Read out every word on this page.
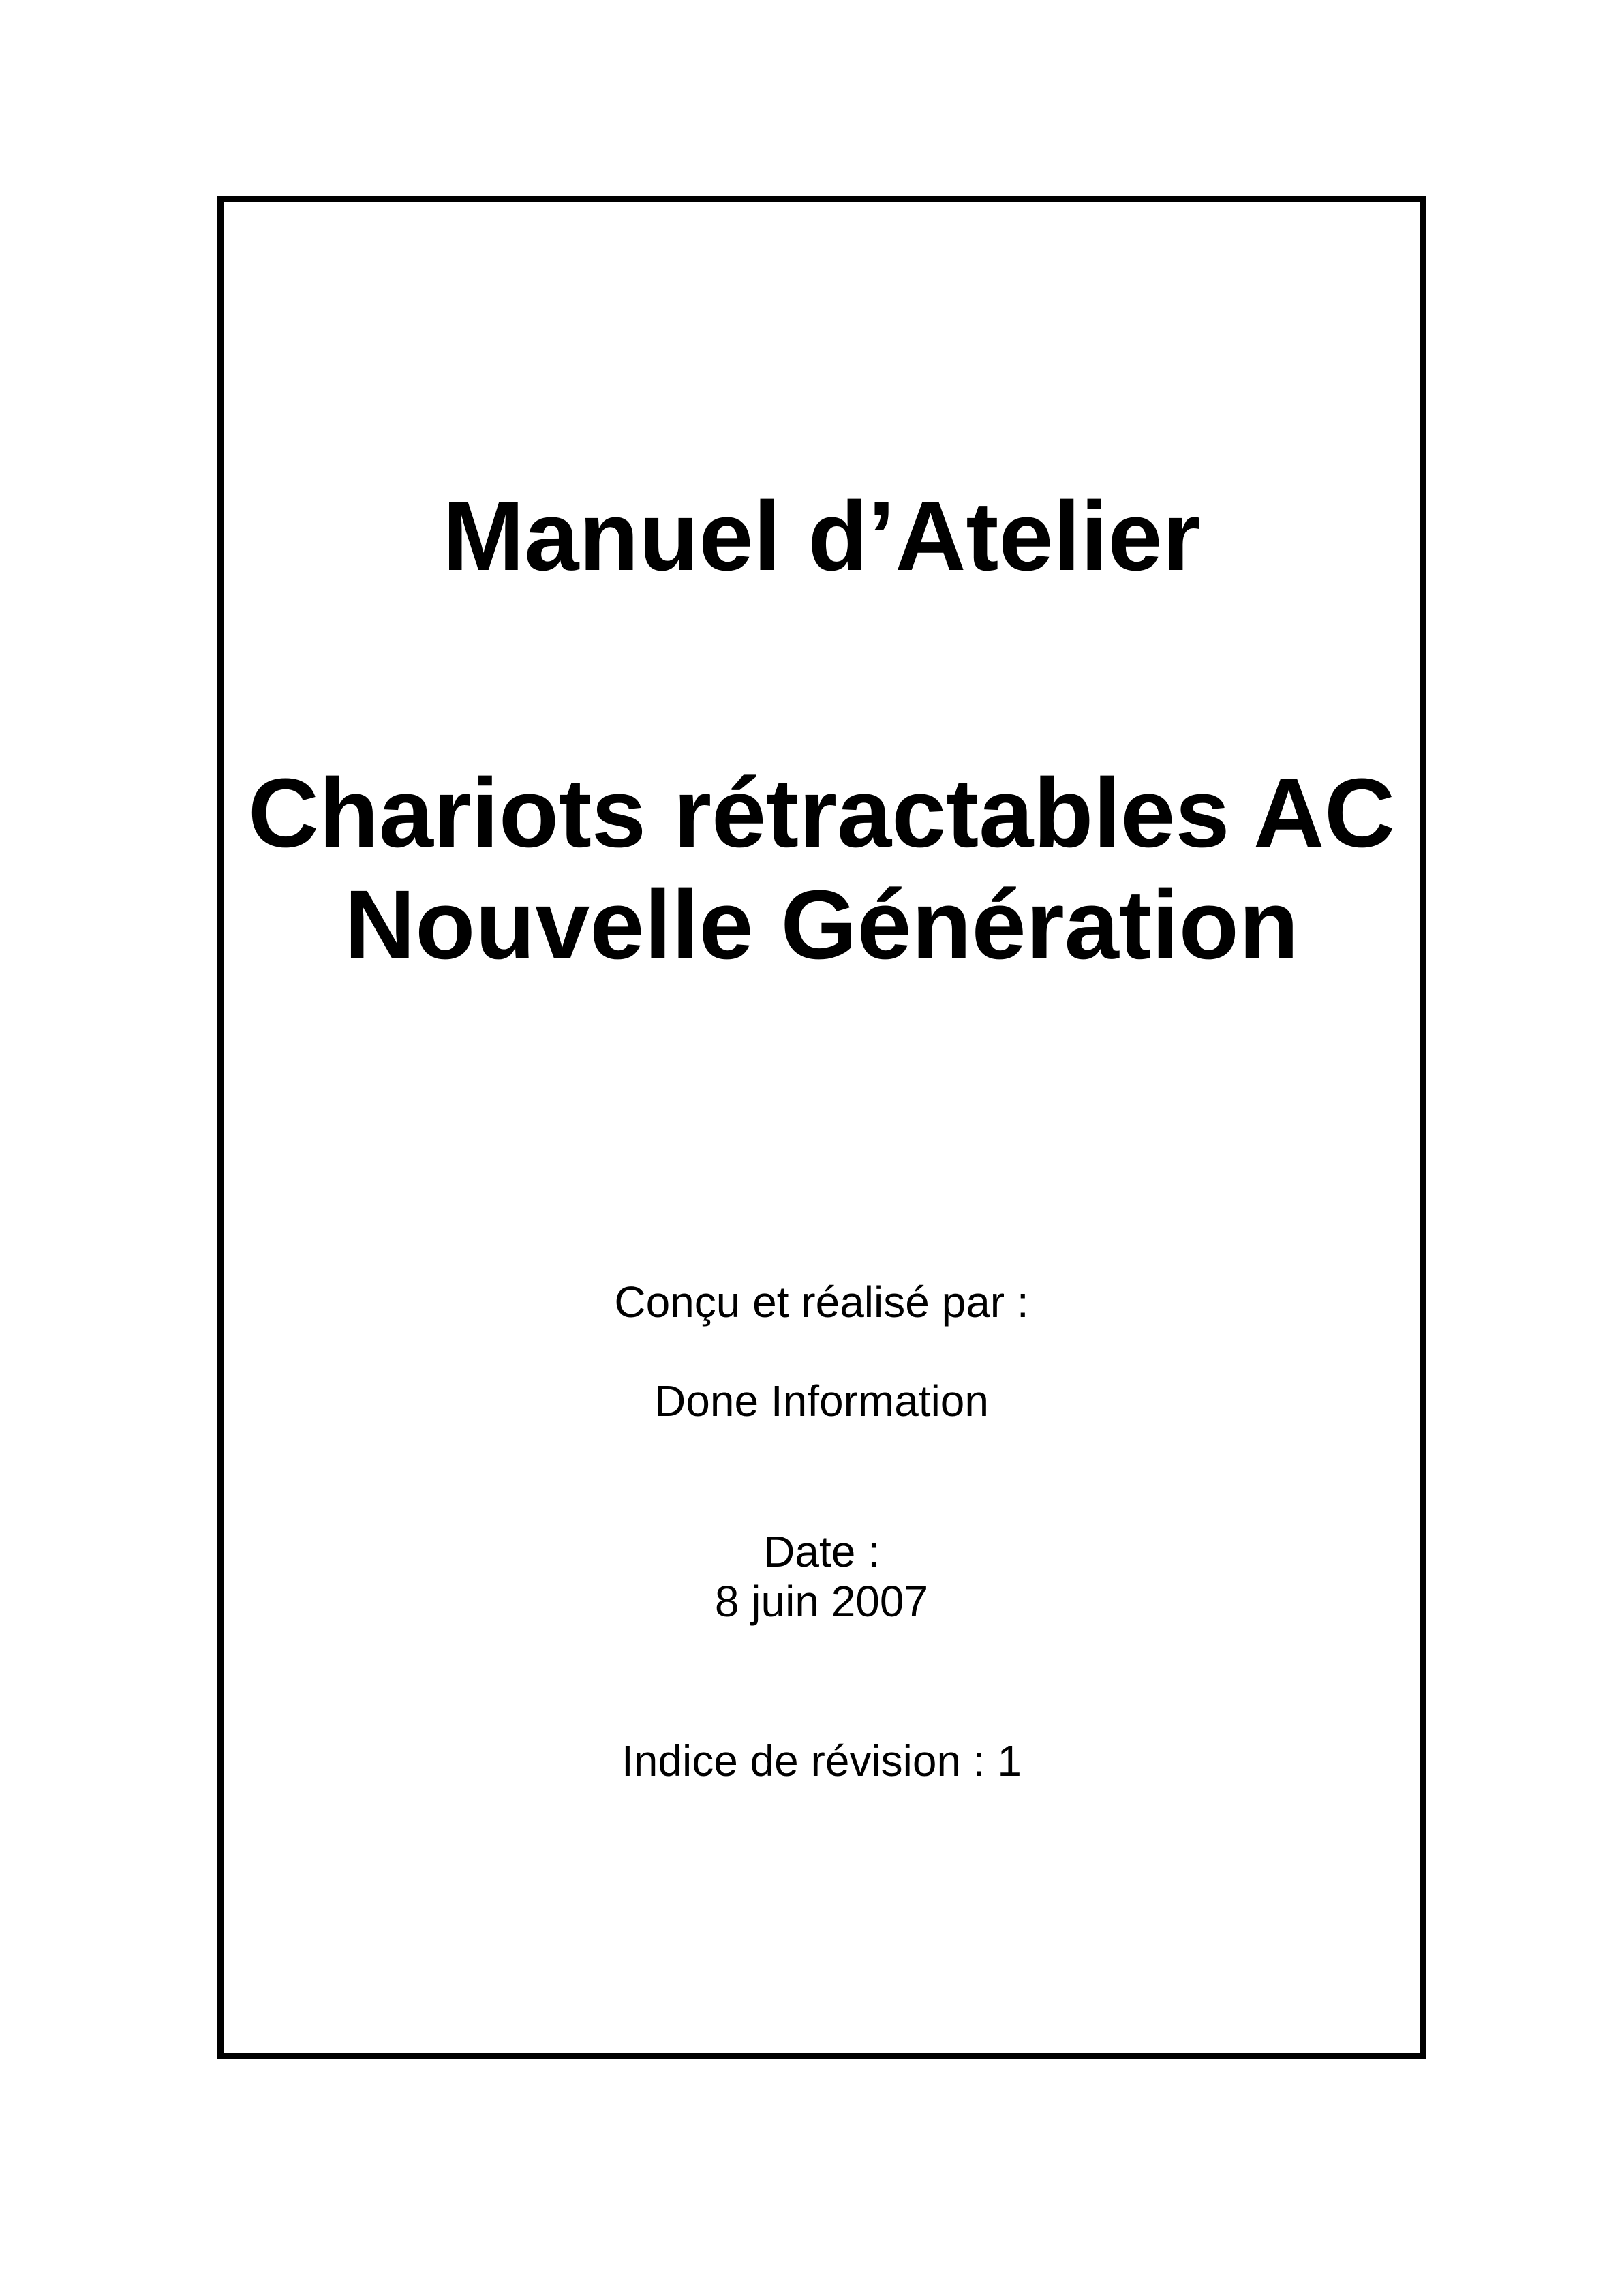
Manuel d’Atelier
Chariots rétractables AC
Nouvelle Génération

Conçu et réalisé par :

Done Information

Date :

8 juin 2007

Indice de révision : 1
